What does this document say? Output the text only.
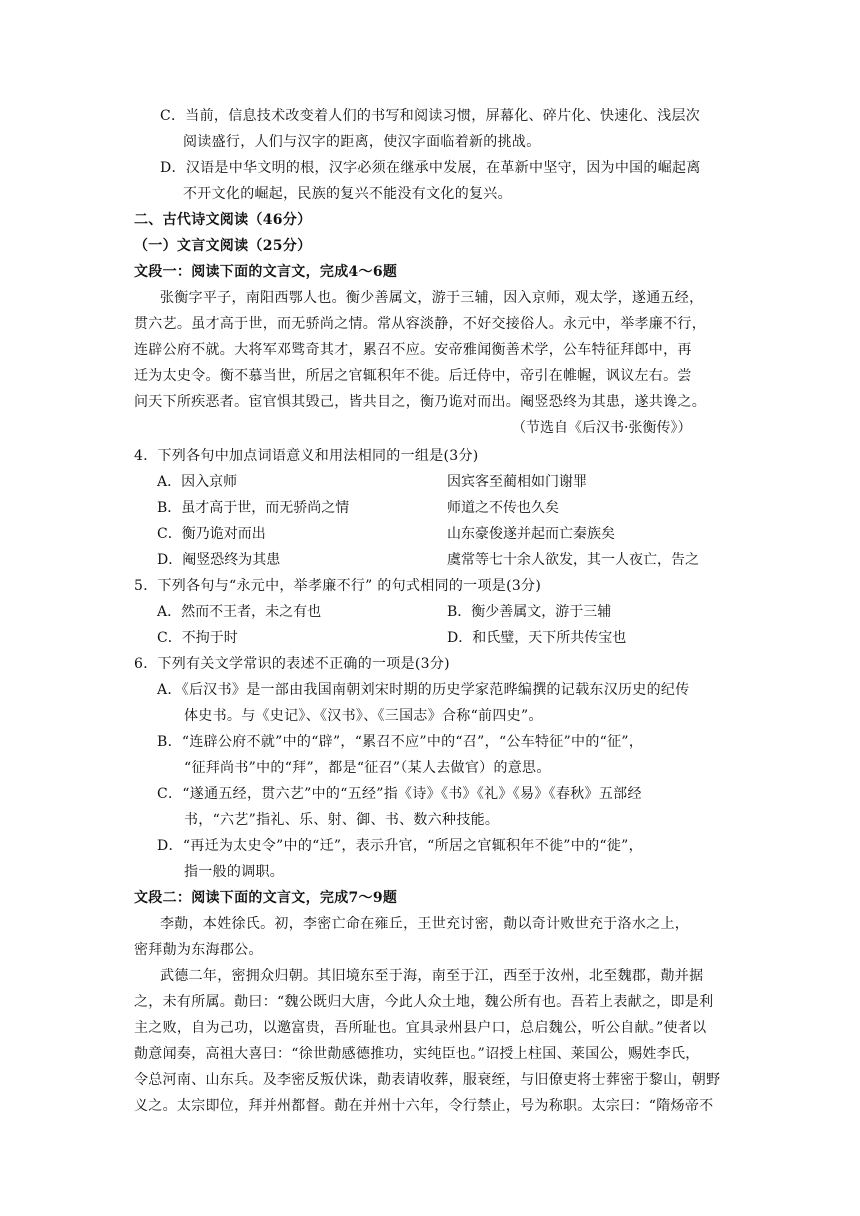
C．当前，信息技术改变着人们的书写和阅读习惯，屏幕化、碎片化、快速化、浅层次
阅读盛行，人们与汉字的距离，使汉字面临着新的挑战。
D．汉语是中华文明的根，汉字必须在继承中发展，在革新中坚守，因为中国的崛起离
不开文化的崛起，民族的复兴不能没有文化的复兴。
二、古代诗文阅读（46分）
（一）文言文阅读（25分）
文段一：阅读下面的文言文，完成4～6题
张衡字平子，南阳西鄂人也。衡少善属文，游于三辅，因入京师，观太学，遂通五经，
贯六艺。虽才高于世，而无骄尚之情。常从容淡静，不好交接俗人。永元中，举孝廉不行，
连辟公府不就。大将军邓骘奇其才，累召不应。安帝雅闻衡善术学，公车特征拜郎中，再
迁为太史令。衡不慕当世，所居之官辄积年不徙。后迁侍中，帝引在帷幄，讽议左右。尝
问天下所疾恶者。宦官惧其毁己，皆共目之，衡乃诡对而出。阉竖恐终为其患，遂共谗之。
（节选自《后汉书·张衡传》）
4．下列各句中加点词语意义和用法相同的一组是(3分)
A．因入京师	因宾客至蔺相如门谢罪
B．虽才高于世，而无骄尚之情	师道之不传也久矣
C．衡乃诡对而出	山东豪俊遂并起而亡秦族矣
D．阉竖恐终为其患	虞常等七十余人欲发，其一人夜亡，告之
5．下列各句与“永元中，举孝廉不行” 的句式相同的一项是(3分)
A．然而不王者，未之有也	B．衡少善属文，游于三辅
C．不拘于时	D．和氏璧，天下所共传宝也
6．下列有关文学常识的表述不正确的一项是(3分)
A．《后汉书》是一部由我国南朝刘宋时期的历史学家范晔编撰的记载东汉历史的纪传
体史书。与《史记》、《汉书》、《三国志》合称“前四史”。
B．“连辟公府不就”中的“辟”，“累召不应”中的“召”，“公车特征”中的“征”，
“征拜尚书”中的“拜”，都是“征召”（某人去做官）的意思。
C．“遂通五经，贯六艺”中的“五经”指《诗》《书》《礼》《易》《春秋》五部经
书，“六艺”指礼、乐、射、御、书、数六种技能。
D．“再迁为太史令”中的“迁”，表示升官，“所居之官辄积年不徙”中的“徙”，
指一般的调职。
文段二：阅读下面的文言文，完成7～9题
李勣，本姓徐氏。初，李密亡命在雍丘，王世充讨密，勣以奇计败世充于洛水之上，
密拜勣为东海郡公。
武德二年，密拥众归朝。其旧境东至于海，南至于江，西至于汝州，北至魏郡，勣并据
之，未有所属。勣曰：“魏公既归大唐，今此人众土地，魏公所有也。吾若上表献之，即是利
主之败，自为己功，以邀富贵，吾所耻也。宜具录州县户口，总启魏公，听公自献。”使者以
勣意闻奏，高祖大喜曰：“徐世勣感德推功，实纯臣也。”诏授上柱国、莱国公，赐姓李氏，
令总河南、山东兵。及李密反叛伏诛，勣表请收葬，服衰绖，与旧僚吏将士葬密于黎山，朝野
义之。太宗即位，拜并州都督。勣在并州十六年，令行禁止，号为称职。太宗曰：“隋炀帝不
